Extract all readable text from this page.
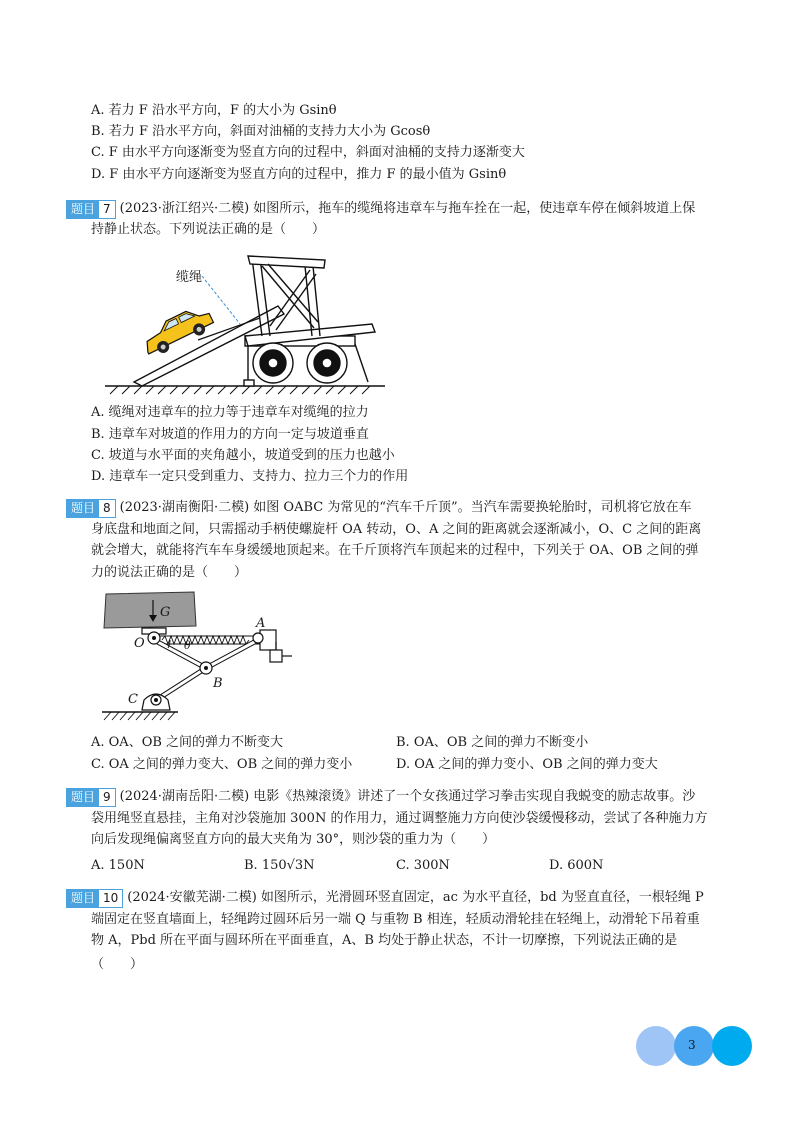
A. 若力 F 沿水平方向，F 的大小为 Gsinθ
B. 若力 F 沿水平方向，斜面对油桶的支持力大小为 Gcosθ
C. F 由水平方向逐渐变为竖直方向的过程中，斜面对油桶的支持力逐渐变大
D. F 由水平方向逐渐变为竖直方向的过程中，推力 F 的最小值为 Gsinθ
题目 7 (2023·浙江绍兴·二模) 如图所示，拖车的缆绳将违章车与拖车拴在一起，使违章车停在倾斜坡道上保
持静止状态。下列说法正确的是（　　）
缆绳
A. 缆绳对违章车的拉力等于违章车对缆绳的拉力
B. 违章车对坡道的作用力的方向一定与坡道垂直
C. 坡道与水平面的夹角越小，坡道受到的压力也越小
D. 违章车一定只受到重力、支持力、拉力三个力的作用
题目 8 (2023·湖南衡阳·二模) 如图 OABC 为常见的“汽车千斤顶”。当汽车需要换轮胎时，司机将它放在车
身底盘和地面之间，只需摇动手柄使螺旋杆 OA 转动，O、A 之间的距离就会逐渐减小，O、C 之间的距离
就会增大，就能将汽车车身缓缓地顶起来。在千斤顶将汽车顶起来的过程中，下列关于 OA、OB 之间的弹
力的说法正确的是（　　）
G
O
A
B
C
θ
A. OA、OB 之间的弹力不断变大	B. OA、OB 之间的弹力不断变小
C. OA 之间的弹力变大、OB 之间的弹力变小	D. OA 之间的弹力变小、OB 之间的弹力变大
题目 9 (2024·湖南岳阳·二模) 电影《热辣滚烫》讲述了一个女孩通过学习拳击实现自我蜕变的励志故事。沙
袋用绳竖直悬挂，主角对沙袋施加 300N 的作用力，通过调整施力方向使沙袋缓慢移动，尝试了各种施力方
向后发现绳偏离竖直方向的最大夹角为 30°，则沙袋的重力为（　　）
A. 150N	B. 150√3N	C. 300N	D. 600N
题目 10 (2024·安徽芜湖·二模) 如图所示，光滑圆环竖直固定，ac 为水平直径，bd 为竖直直径，一根轻绳 P
端固定在竖直墙面上，轻绳跨过圆环后另一端 Q 与重物 B 相连，轻质动滑轮挂在轻绳上，动滑轮下吊着重
物 A，Pbd 所在平面与圆环所在平面垂直，A、B 均处于静止状态，不计一切摩擦，下列说法正确的是
（　　）
3
